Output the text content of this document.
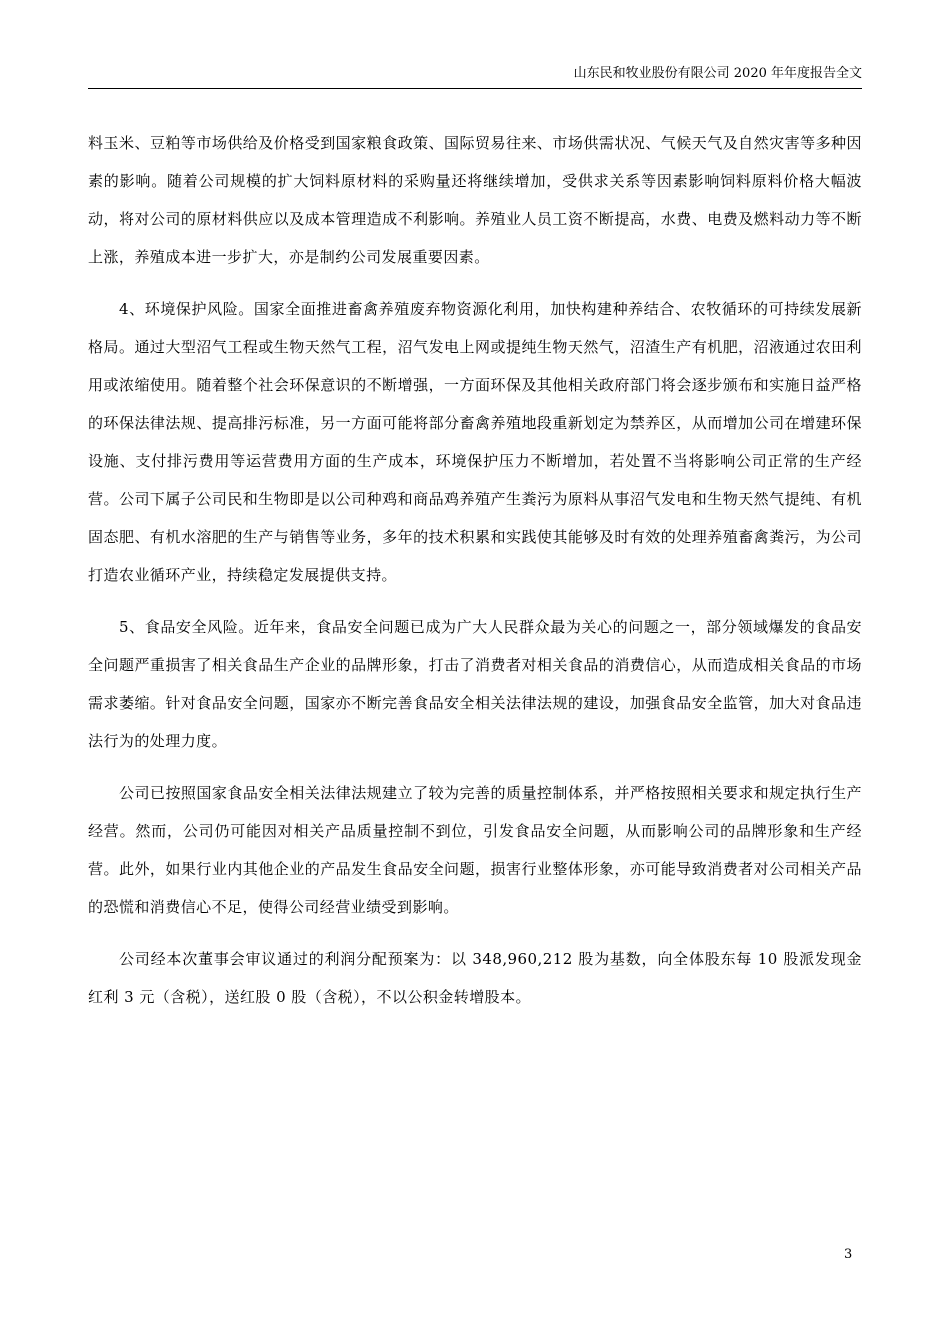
山东民和牧业股份有限公司 2020 年年度报告全文

料玉米、豆粕等市场供给及价格受到国家粮食政策、国际贸易往来、市场供需状况、气候天气及自然灾害等多种因素的影响。随着公司规模的扩大饲料原材料的采购量还将继续增加，受供求关系等因素影响饲料原料价格大幅波动，将对公司的原材料供应以及成本管理造成不利影响。养殖业人员工资不断提高，水费、电费及燃料动力等不断上涨，养殖成本进一步扩大，亦是制约公司发展重要因素。

4、环境保护风险。国家全面推进畜禽养殖废弃物资源化利用，加快构建种养结合、农牧循环的可持续发展新格局。通过大型沼气工程或生物天然气工程，沼气发电上网或提纯生物天然气，沼渣生产有机肥，沼液通过农田利用或浓缩使用。随着整个社会环保意识的不断增强，一方面环保及其他相关政府部门将会逐步颁布和实施日益严格的环保法律法规、提高排污标准，另一方面可能将部分畜禽养殖地段重新划定为禁养区，从而增加公司在增建环保设施、支付排污费用等运营费用方面的生产成本，环境保护压力不断增加，若处置不当将影响公司正常的生产经营。公司下属子公司民和生物即是以公司种鸡和商品鸡养殖产生粪污为原料从事沼气发电和生物天然气提纯、有机固态肥、有机水溶肥的生产与销售等业务，多年的技术积累和实践使其能够及时有效的处理养殖畜禽粪污，为公司打造农业循环产业，持续稳定发展提供支持。

5、食品安全风险。近年来，食品安全问题已成为广大人民群众最为关心的问题之一，部分领域爆发的食品安全问题严重损害了相关食品生产企业的品牌形象，打击了消费者对相关食品的消费信心，从而造成相关食品的市场需求萎缩。针对食品安全问题，国家亦不断完善食品安全相关法律法规的建设，加强食品安全监管，加大对食品违法行为的处理力度。

公司已按照国家食品安全相关法律法规建立了较为完善的质量控制体系，并严格按照相关要求和规定执行生产经营。然而，公司仍可能因对相关产品质量控制不到位，引发食品安全问题，从而影响公司的品牌形象和生产经营。此外，如果行业内其他企业的产品发生食品安全问题，损害行业整体形象，亦可能导致消费者对公司相关产品的恐慌和消费信心不足，使得公司经营业绩受到影响。

公司经本次董事会审议通过的利润分配预案为：以 348,960,212 股为基数，向全体股东每 10 股派发现金红利 3 元（含税），送红股 0 股（含税），不以公积金转增股本。

3
